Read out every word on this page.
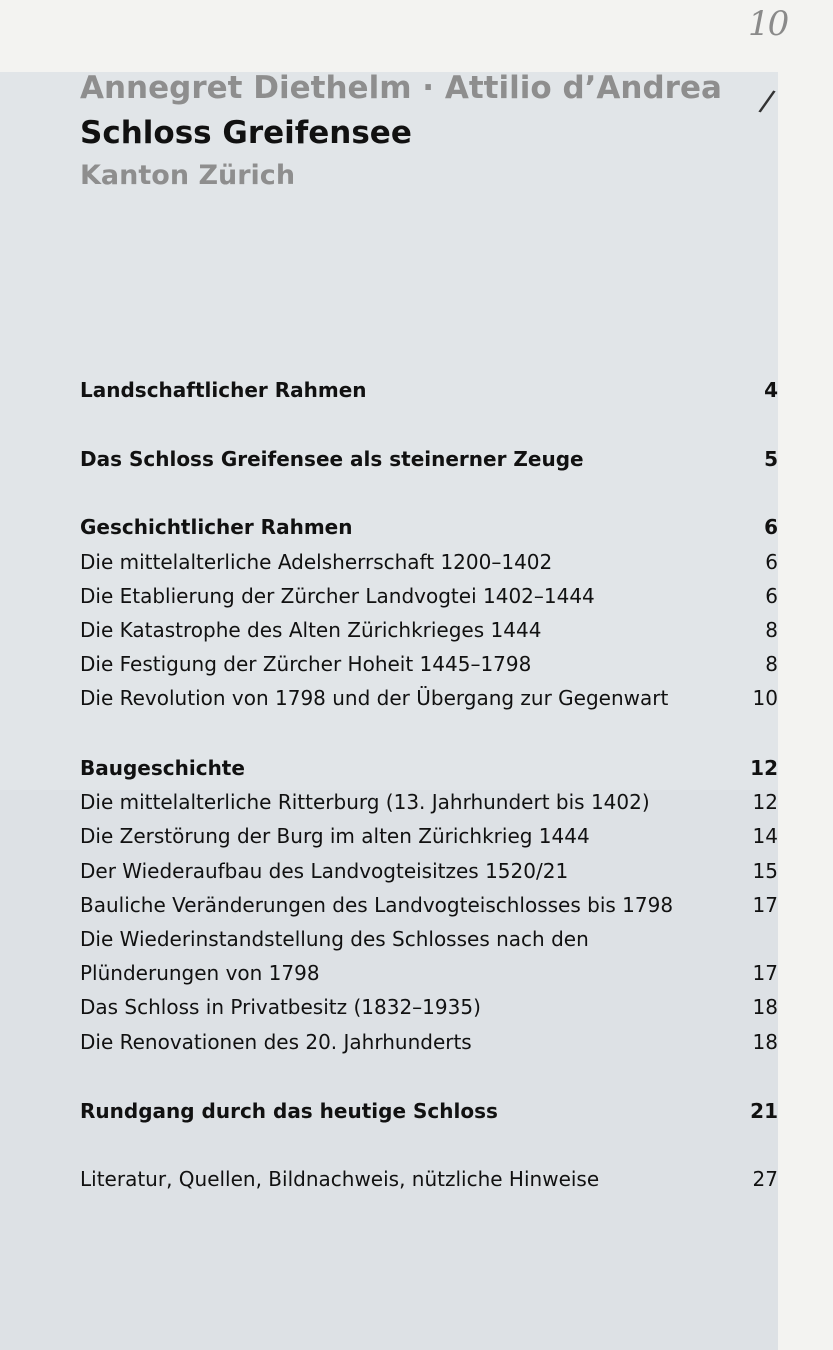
10
/
Annegret Diethelm · Attilio d’Andrea
Schloss Greifensee
Kanton Zürich
Landschaftlicher Rahmen	4
Das Schloss Greifensee als steinerner Zeuge	5
Geschichtlicher Rahmen	6
Die mittelalterliche Adelsherrschaft 1200–1402	6
Die Etablierung der Zürcher Landvogtei 1402–1444	6
Die Katastrophe des Alten Zürichkrieges 1444	8
Die Festigung der Zürcher Hoheit 1445–1798	8
Die Revolution von 1798 und der Übergang zur Gegenwart	10
Baugeschichte	12
Die mittelalterliche Ritterburg (13. Jahrhundert bis 1402)	12
Die Zerstörung der Burg im alten Zürichkrieg 1444	14
Der Wiederaufbau des Landvogteisitzes 1520/21	15
Bauliche Veränderungen des Landvogteischlosses bis 1798	17
Die Wiederinstandstellung des Schlosses nach den
Plünderungen von 1798	17
Das Schloss in Privatbesitz (1832–1935)	18
Die Renovationen des 20. Jahrhunderts	18
Rundgang durch das heutige Schloss	21
Literatur, Quellen, Bildnachweis, nützliche Hinweise	27
